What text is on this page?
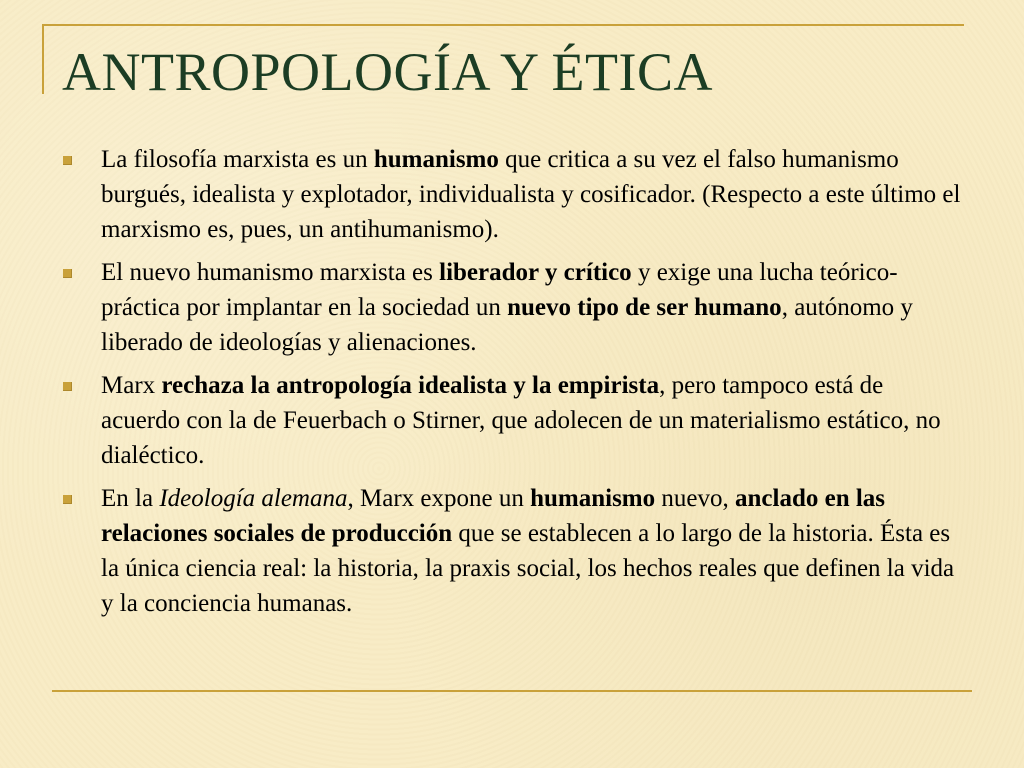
ANTROPOLOGÍA Y ÉTICA
La filosofía marxista es un humanismo que critica a su vez el falso humanismo burgués, idealista y explotador, individualista y cosificador. (Respecto a este último el marxismo es, pues, un antihumanismo).
El nuevo humanismo marxista es liberador y crítico y exige una lucha teórico-práctica por implantar en la sociedad un nuevo tipo de ser humano, autónomo y liberado de ideologías y alienaciones.
Marx rechaza la antropología idealista y la empirista, pero tampoco está de acuerdo con la de Feuerbach o Stirner, que adolecen de un materialismo estático, no dialéctico.
En la Ideología alemana, Marx expone un humanismo nuevo, anclado en las relaciones sociales de producción que se establecen a lo largo de la historia. Ésta es la única ciencia real: la historia, la praxis social, los hechos reales que definen la vida y la conciencia humanas.
